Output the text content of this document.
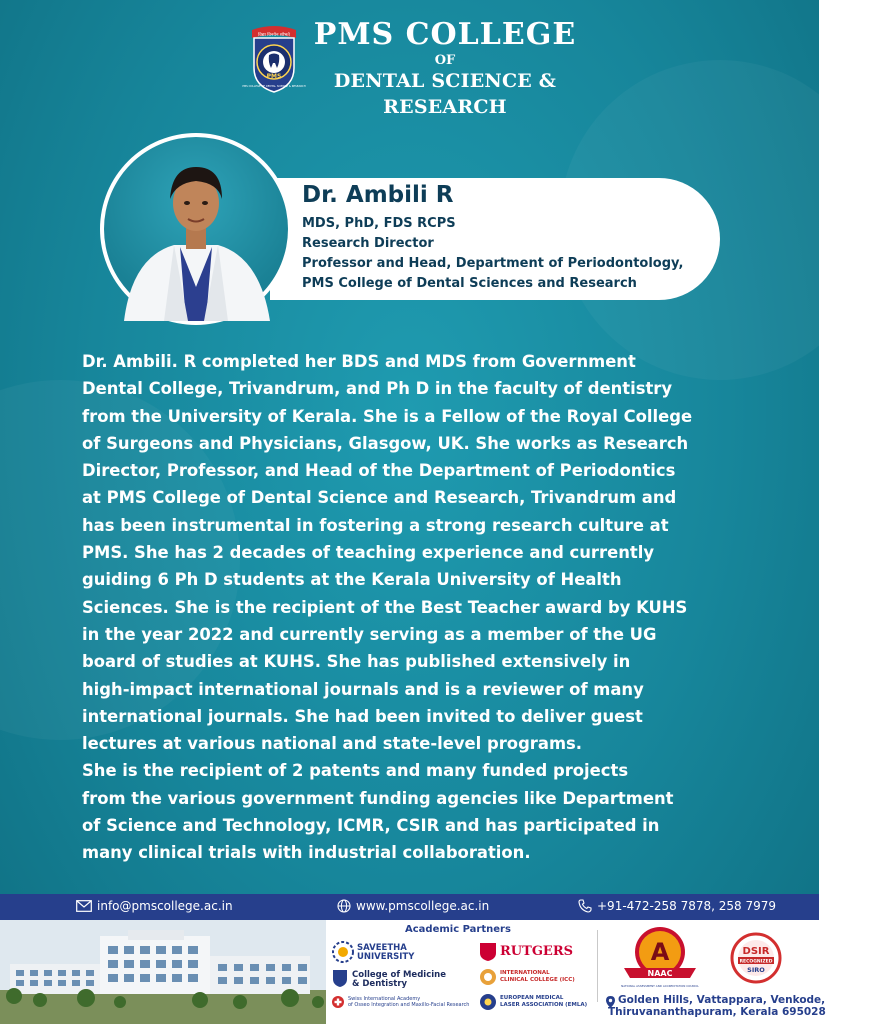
विद्या विनयेन शोभते
PMS
PMS COLLEGE OF DENTAL SCIENCE & RESEARCH
PMS COLLEGE
OF
DENTAL SCIENCE & RESEARCH
Dr. Ambili R
MDS, PhD, FDS RCPS
Research Director
Professor and Head, Department of Periodontology,
PMS College of Dental Sciences and Research

Dr. Ambili. R completed her BDS and MDS from Government

Dental College, Trivandrum, and Ph D in the faculty of dentistry

from the University of Kerala. She is a Fellow of the Royal College

of Surgeons and Physicians, Glasgow, UK. She works as Research

Director, Professor, and Head of the Department of Periodontics

at PMS College of Dental Science and Research, Trivandrum and

has been instrumental in fostering a strong research culture at

PMS. She has 2 decades of teaching experience and currently

guiding 6 Ph D students at the Kerala University of Health

Sciences. She is the recipient of the Best Teacher award by KUHS

in the year 2022 and currently serving as a member of the UG

board of studies at KUHS. She has published extensively in

high-impact international journals and is a reviewer of many

international journals. She had been invited to deliver guest

lectures at various national and state-level programs.

She is the recipient of 2 patents and many funded projects

from the various government funding agencies like Department

of Science and Technology, ICMR, CSIR and has participated in

many clinical trials with industrial collaboration.

info@pmscollege.ac.in	www.pmscollege.ac.in	+91-472-258 7878, 258 7979
Academic Partners
SAVEETHA
UNIVERSITY
College of Medicine
& Dentistry
Swiss International Academy
of Osseo Integration and Maxillo-Facial Research
RUTGERS
INTERNATIONAL
CLINICAL COLLEGE (ICC)
EUROPEAN MEDICAL
LASER ASSOCIATION (EMLA)
A
NAAC
NATIONAL ASSESSMENT AND ACCREDITATION COUNCIL
DSIR
RECOGNIZED
SIRO
Golden Hills, Vattappara, Venkode,
Thiruvananthapuram, Kerala 695028
